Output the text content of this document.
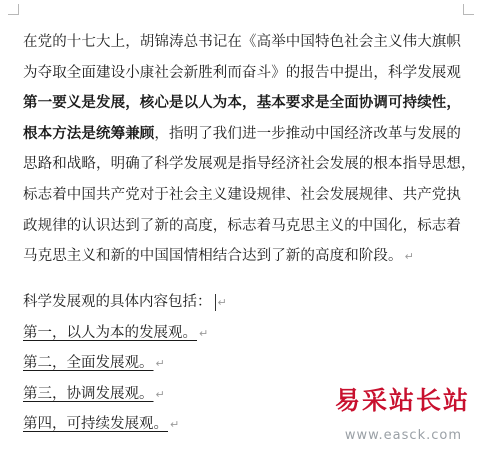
在党的十七大上，胡锦涛总书记在《高举中国特色社会主义伟大旗帜
为夺取全面建设小康社会新胜利而奋斗》的报告中提出，科学发展观
第一要义是发展，核心是以人为本，基本要求是全面协调可持续性，
根本方法是统筹兼顾，指明了我们进一步推动中国经济改革与发展的
思路和战略，明确了科学发展观是指导经济社会发展的根本指导思想，
标志着中国共产党对于社会主义建设规律、社会发展规律、共产党执
政规律的认识达到了新的高度，标志着马克思主义的中国化，标志着
马克思主义和新的中国国情相结合达到了新的高度和阶段。 ↵
科学发展观的具体内容包括： ↵
第一，以人为本的发展观。 ↵
第二，全面发展观。 ↵
第三，协调发展观。 ↵
第四，可持续发展观。 ↵
易采站长站
www.easck.com
